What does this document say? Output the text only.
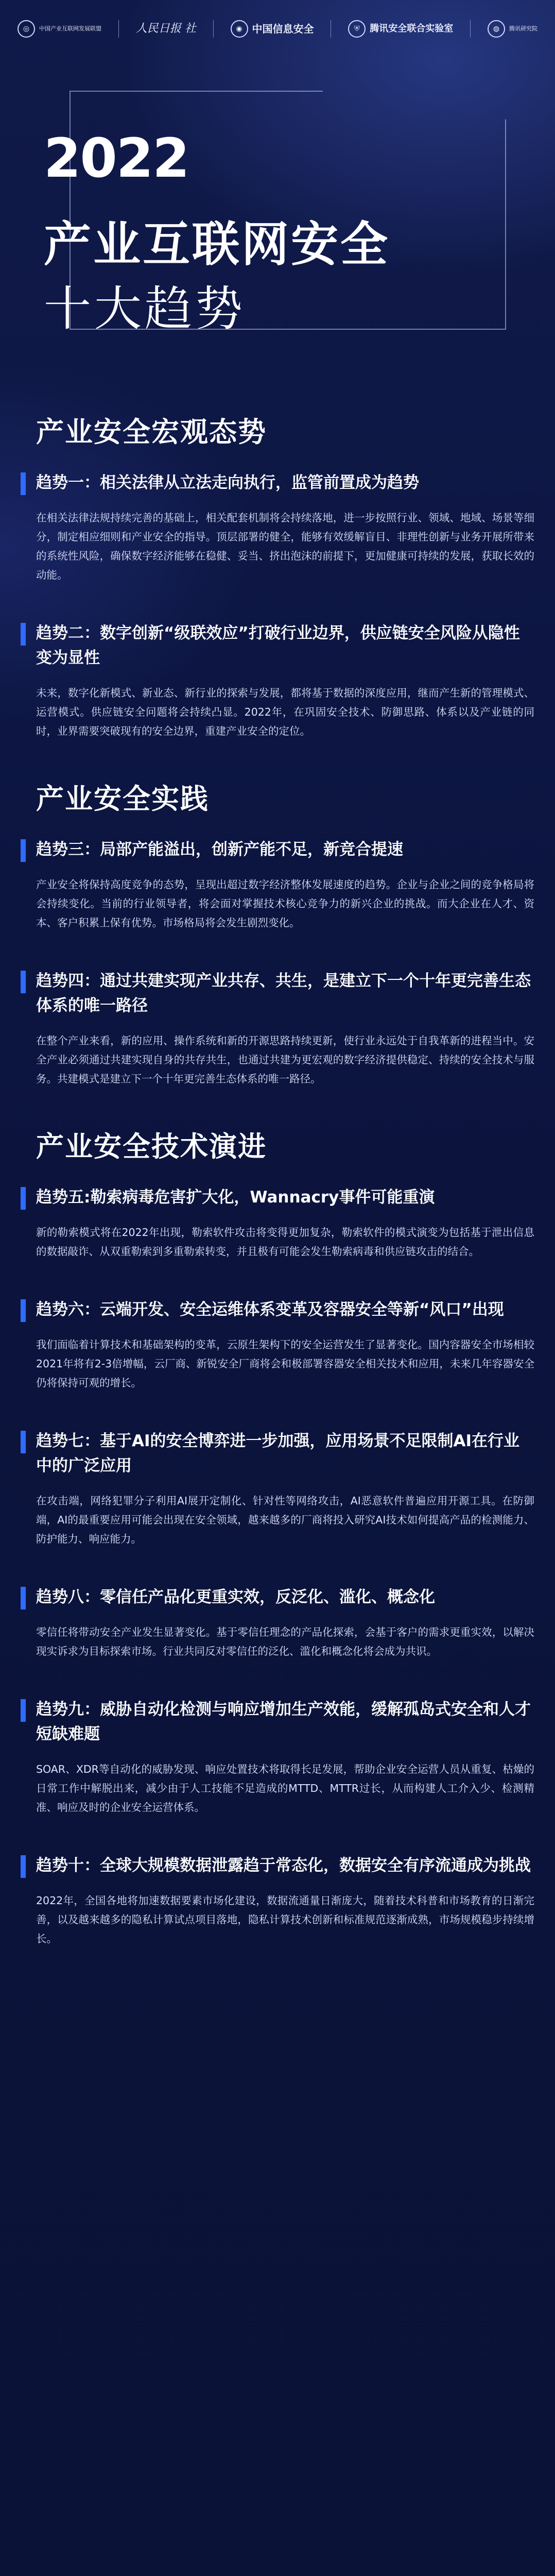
◎	中国产业互联网发展联盟	人民日报 社	◉ 中国信息安全	⛨	腾讯安全联合实验室	◍	腾讯研究院
2022
产业互联网安全
十大趋势
产业安全宏观态势
趋势一：相关法律从立法走向执行，监管前置成为趋势

在相关法律法规持续完善的基础上，相关配套机制将会持续落地，进一步按照行业、领域、地域、场景等细分，制定相应细则和产业安全的指导。顶层部署的健全，能够有效缓解盲目、非理性创新与业务开展所带来的系统性风险，确保数字经济能够在稳健、妥当、挤出泡沫的前提下，更加健康可持续的发展，获取长效的动能。

趋势二：数字创新“级联效应”打破行业边界，供应链安全风险从隐性变为显性

未来，数字化新模式、新业态、新行业的探索与发展，都将基于数据的深度应用，继而产生新的管理模式、运营模式。供应链安全问题将会持续凸显。2022年，在巩固安全技术、防御思路、体系以及产业链的同时，业界需要突破现有的安全边界，重建产业安全的定位。

产业安全实践
趋势三：局部产能溢出，创新产能不足，新竞合提速

产业安全将保持高度竞争的态势，呈现出超过数字经济整体发展速度的趋势。企业与企业之间的竞争格局将会持续变化。当前的行业领导者，将会面对掌握技术核心竞争力的新兴企业的挑战。而大企业在人才、资本、客户积累上保有优势。市场格局将会发生剧烈变化。

趋势四：通过共建实现产业共存、共生，是建立下一个十年更完善生态体系的唯一路径

在整个产业来看，新的应用、操作系统和新的开源思路持续更新，使行业永远处于自我革新的进程当中。安全产业必须通过共建实现自身的共存共生，也通过共建为更宏观的数字经济提供稳定、持续的安全技术与服务。共建模式是建立下一个十年更完善生态体系的唯一路径。

产业安全技术演进
趋势五:勒索病毒危害扩大化，Wannacry事件可能重演

新的勒索模式将在2022年出现，勒索软件攻击将变得更加复杂，勒索软件的模式演变为包括基于泄出信息的数据敲诈、从双重勒索到多重勒索转变，并且极有可能会发生勒索病毒和供应链攻击的结合。

趋势六：云端开发、安全运维体系变革及容器安全等新“风口”出现

我们面临着计算技术和基础架构的变革，云原生架构下的安全运营发生了显著变化。国内容器安全市场相较2021年将有2-3倍增幅，云厂商、新锐安全厂商将会和极部署容器安全相关技术和应用，未来几年容器安全仍将保持可观的增长。

趋势七：基于AI的安全博弈进一步加强，应用场景不足限制AI在行业中的广泛应用

在攻击端，网络犯罪分子利用AI展开定制化、针对性等网络攻击，AI恶意软件普遍应用开源工具。在防御端，AI的最重要应用可能会出现在安全领域，越来越多的厂商将投入研究AI技术如何提高产品的检测能力、防护能力、响应能力。

趋势八：零信任产品化更重实效，反泛化、滥化、概念化

零信任将带动安全产业发生显著变化。基于零信任理念的产品化探索，会基于客户的需求更重实效，以解决现实诉求为目标探索市场。行业共同反对零信任的泛化、滥化和概念化将会成为共识。

趋势九：威胁自动化检测与响应增加生产效能，缓解孤岛式安全和人才短缺难题

SOAR、XDR等自动化的威胁发现、响应处置技术将取得长足发展，帮助企业安全运营人员从重复、枯燥的日常工作中解脱出来，减少由于人工技能不足造成的MTTD、MTTR过长，从而构建人工介入少、检测精准、响应及时的企业安全运营体系。

趋势十：全球大规模数据泄露趋于常态化，数据安全有序流通成为挑战

2022年，全国各地将加速数据要素市场化建设，数据流通量日渐庞大，随着技术科普和市场教育的日渐完善，以及越来越多的隐私计算试点项目落地，隐私计算技术创新和标准规范逐渐成熟，市场规模稳步持续增长。
